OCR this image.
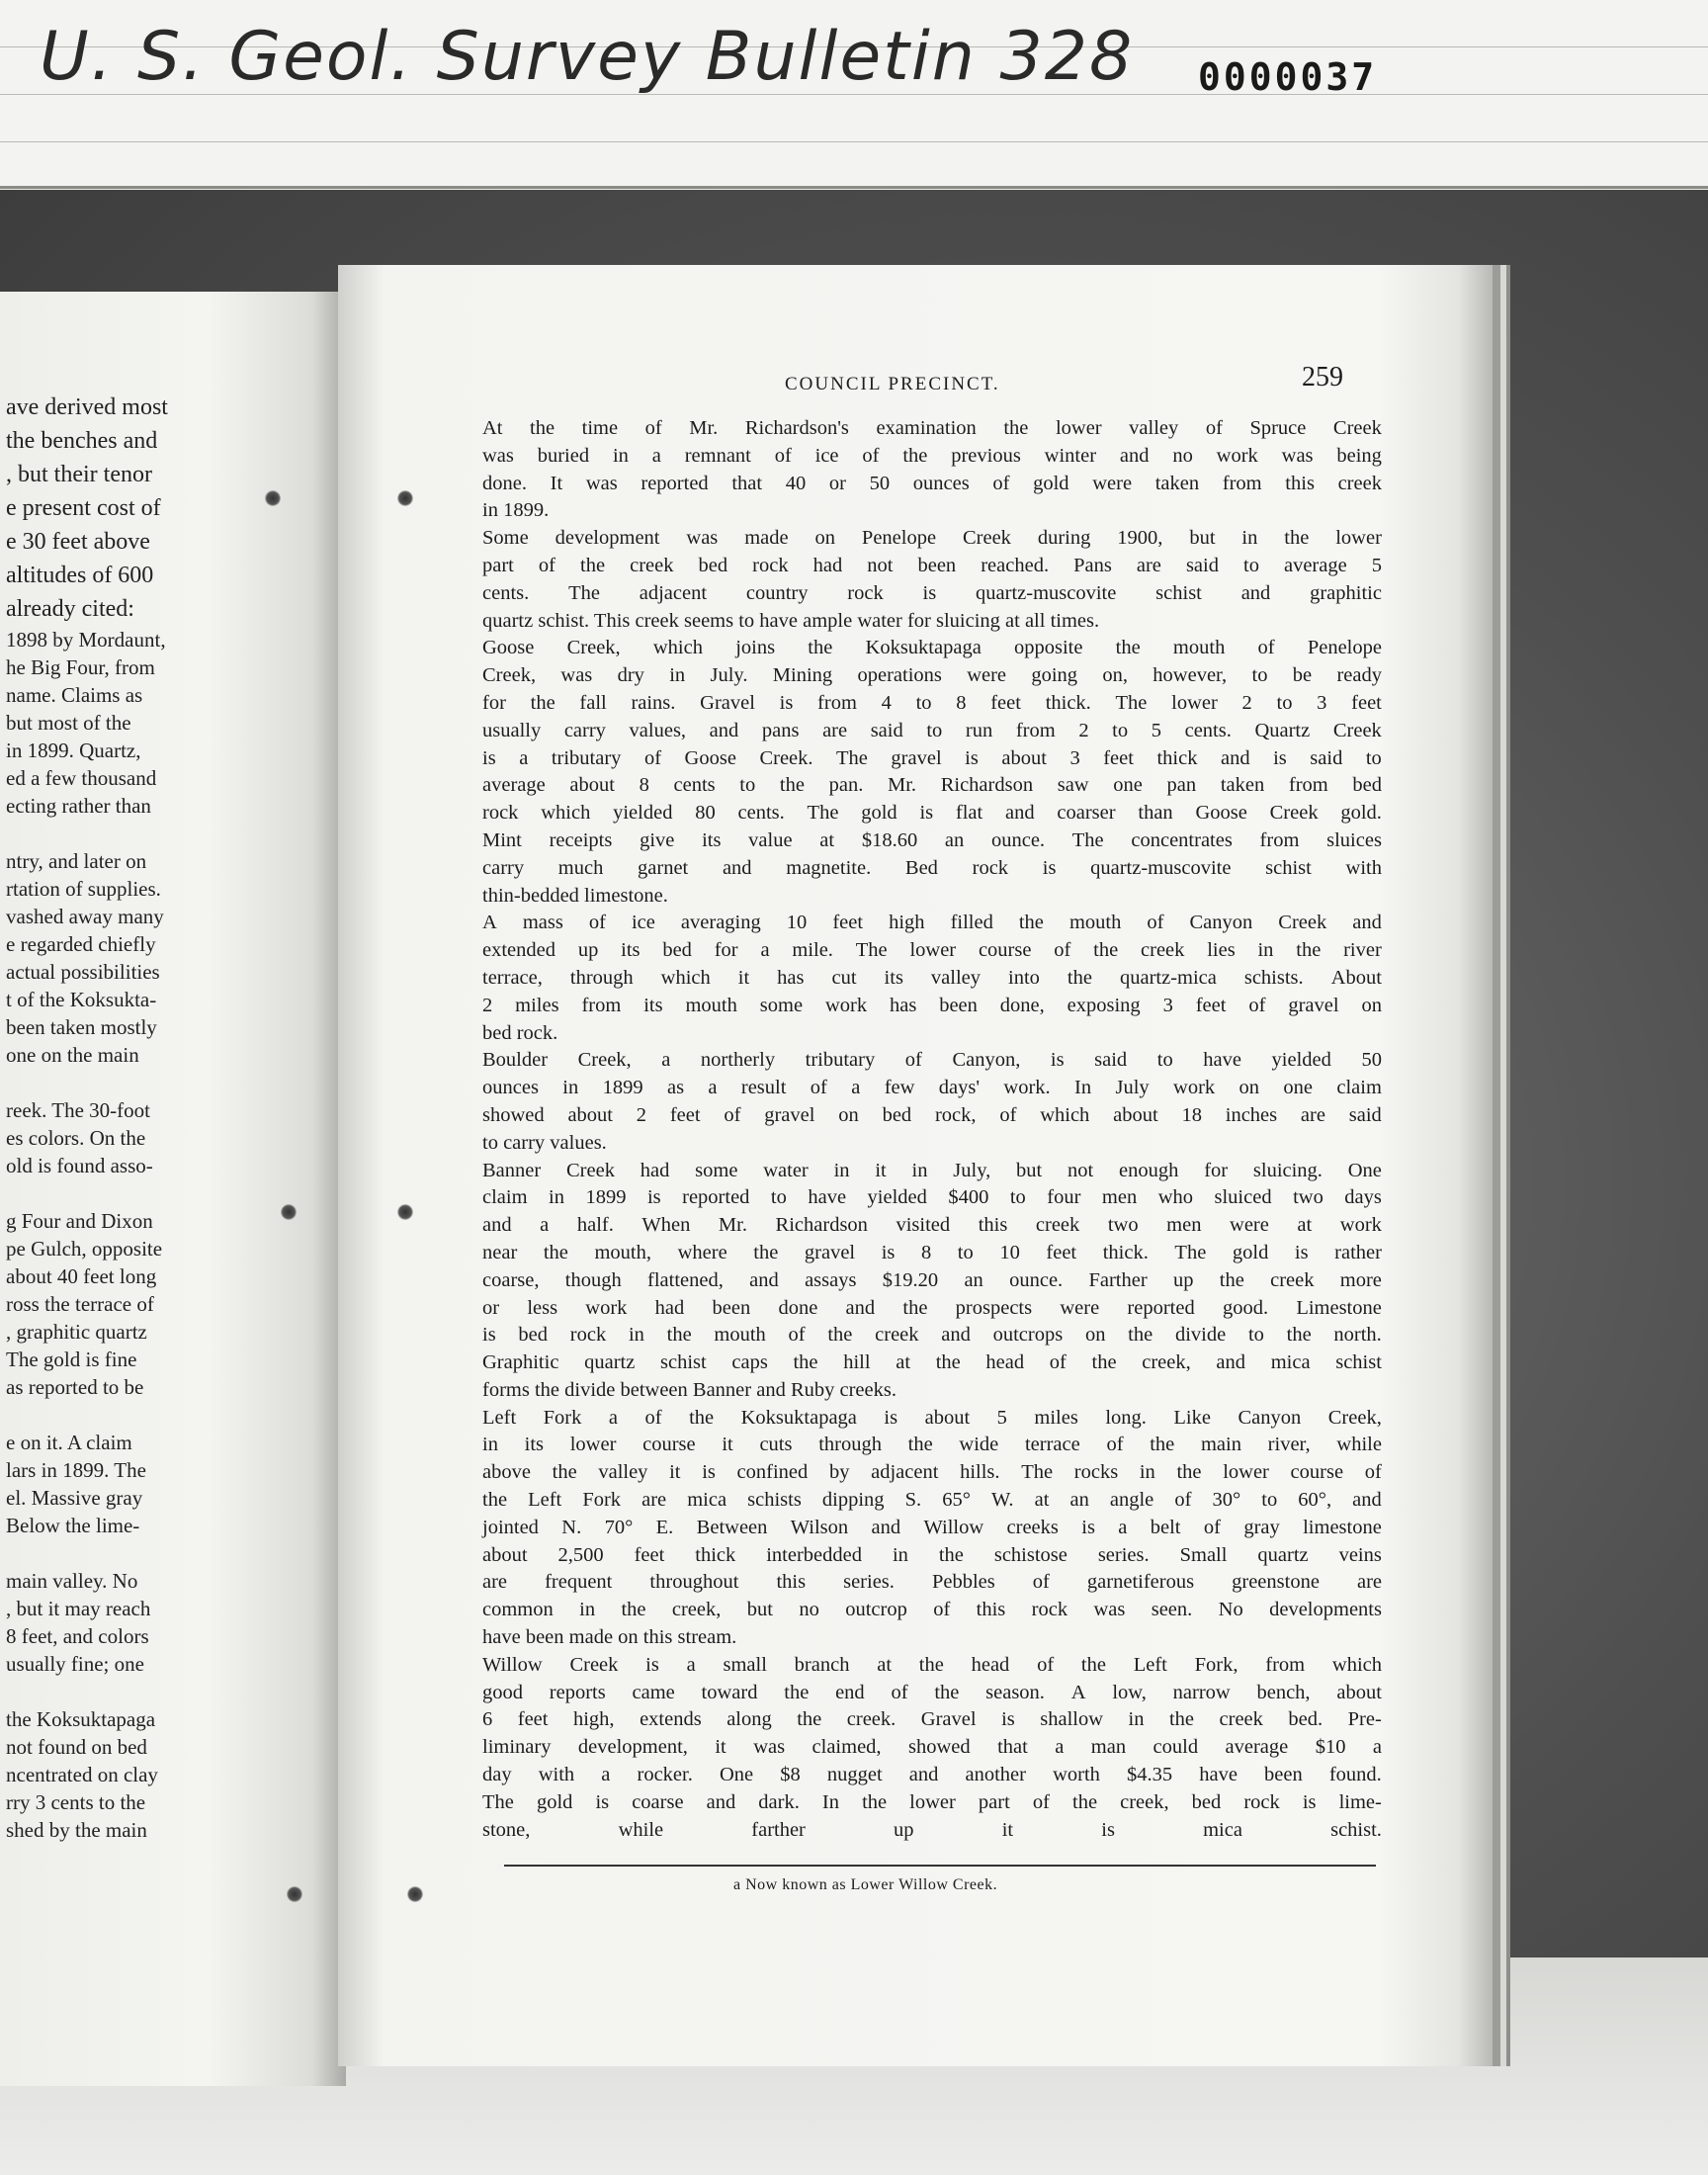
U. S. Geol. Survey Bulletin 328 0000037

ave derived most
the benches and
, but their tenor
e present cost of
e 30 feet above
altitudes of 600
already cited:
1898 by Mordaunt,
he Big Four, from
name. Claims as
but most of the
in 1899. Quartz,
ed a few thousand
ecting rather than
ntry, and later on
rtation of supplies.
vashed away many
e regarded chiefly
actual possibilities
t of the Koksukta-
been taken mostly
one on the main
reek. The 30-foot
es colors. On the
old is found asso-
g Four and Dixon
pe Gulch, opposite
about 40 feet long
ross the terrace of
, graphitic quartz
The gold is fine
as reported to be
e on it. A claim
lars in 1899. The
el. Massive gray
Below the lime-
main valley. No
, but it may reach
8 feet, and colors
usually fine; one
the Koksuktapaga
not found on bed
ncentrated on clay
rry 3 cents to the
shed by the main
COUNCIL PRECINCT.	259
At the time of Mr. Richardson's examination the lower valley of Spruce Creek
was buried in a remnant of ice of the previous winter and no work was being
done. It was reported that 40 or 50 ounces of gold were taken from this creek
in 1899.
Some development was made on Penelope Creek during 1900, but in the lower
part of the creek bed rock had not been reached. Pans are said to average 5
cents. The adjacent country rock is quartz-muscovite schist and graphitic
quartz schist. This creek seems to have ample water for sluicing at all times.
Goose Creek, which joins the Koksuktapaga opposite the mouth of Penelope
Creek, was dry in July. Mining operations were going on, however, to be ready
for the fall rains. Gravel is from 4 to 8 feet thick. The lower 2 to 3 feet
usually carry values, and pans are said to run from 2 to 5 cents. Quartz Creek
is a tributary of Goose Creek. The gravel is about 3 feet thick and is said to
average about 8 cents to the pan. Mr. Richardson saw one pan taken from bed
rock which yielded 80 cents. The gold is flat and coarser than Goose Creek gold.
Mint receipts give its value at $18.60 an ounce. The concentrates from sluices
carry much garnet and magnetite. Bed rock is quartz-muscovite schist with
thin-bedded limestone.
A mass of ice averaging 10 feet high filled the mouth of Canyon Creek and
extended up its bed for a mile. The lower course of the creek lies in the river
terrace, through which it has cut its valley into the quartz-mica schists. About
2 miles from its mouth some work has been done, exposing 3 feet of gravel on
bed rock.
Boulder Creek, a northerly tributary of Canyon, is said to have yielded 50
ounces in 1899 as a result of a few days' work. In July work on one claim
showed about 2 feet of gravel on bed rock, of which about 18 inches are said
to carry values.
Banner Creek had some water in it in July, but not enough for sluicing. One
claim in 1899 is reported to have yielded $400 to four men who sluiced two days
and a half. When Mr. Richardson visited this creek two men were at work
near the mouth, where the gravel is 8 to 10 feet thick. The gold is rather
coarse, though flattened, and assays $19.20 an ounce. Farther up the creek more
or less work had been done and the prospects were reported good. Limestone
is bed rock in the mouth of the creek and outcrops on the divide to the north.
Graphitic quartz schist caps the hill at the head of the creek, and mica schist
forms the divide between Banner and Ruby creeks.
Left Fork a of the Koksuktapaga is about 5 miles long. Like Canyon Creek,
in its lower course it cuts through the wide terrace of the main river, while
above the valley it is confined by adjacent hills. The rocks in the lower course of
the Left Fork are mica schists dipping S. 65° W. at an angle of 30° to 60°, and
jointed N. 70° E. Between Wilson and Willow creeks is a belt of gray limestone
about 2,500 feet thick interbedded in the schistose series. Small quartz veins
are frequent throughout this series. Pebbles of garnetiferous greenstone are
common in the creek, but no outcrop of this rock was seen. No developments
have been made on this stream.
Willow Creek is a small branch at the head of the Left Fork, from which
good reports came toward the end of the season. A low, narrow bench, about
6 feet high, extends along the creek. Gravel is shallow in the creek bed. Pre-
liminary development, it was claimed, showed that a man could average $10 a
day with a rocker. One $8 nugget and another worth $4.35 have been found.
The gold is coarse and dark. In the lower part of the creek, bed rock is lime-
stone,	while	farther	up	it	is	mica	schist.
a Now known as Lower Willow Creek.
